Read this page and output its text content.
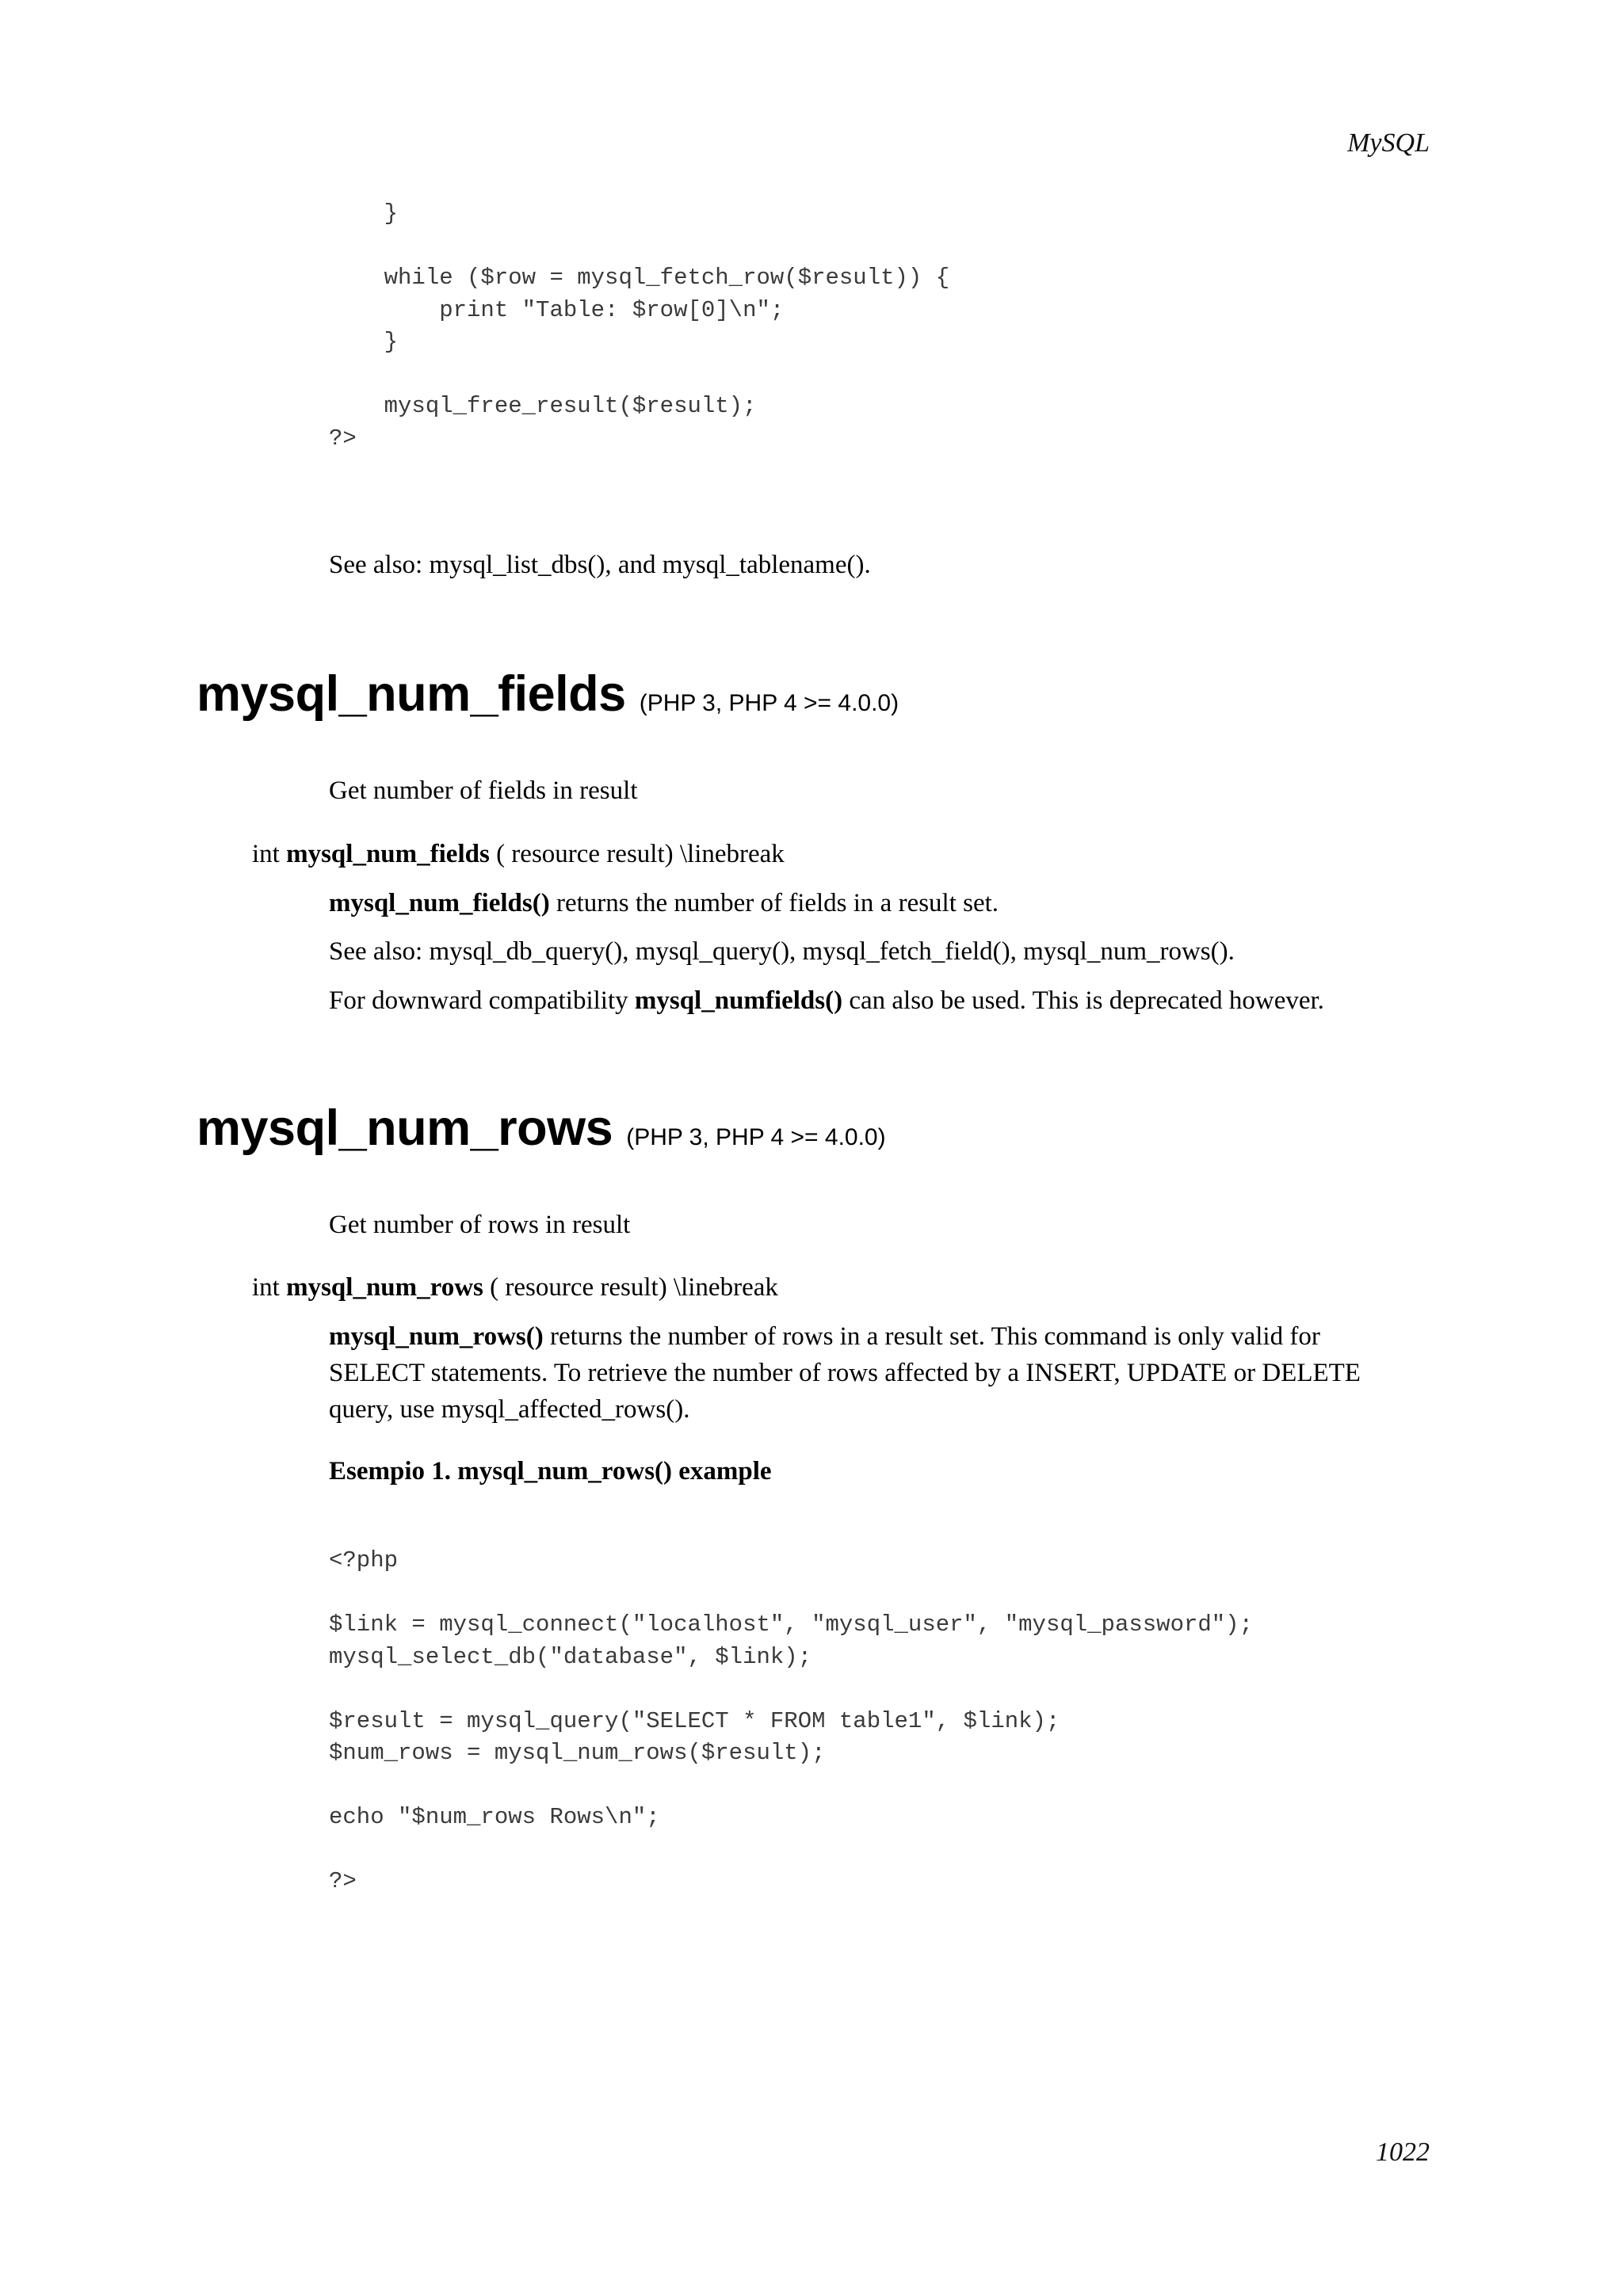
MySQL
}

while ($row = mysql_fetch_row($result)) {
print "Table: $row[0]\n";
}

mysql_free_result($result);
?>
See also: mysql_list_dbs(), and mysql_tablename().
mysql_num_fields (PHP 3, PHP 4 >= 4.0.0)
Get number of fields in result
int mysql_num_fields ( resource result) \linebreak
mysql_num_fields() returns the number of fields in a result set.
See also: mysql_db_query(), mysql_query(), mysql_fetch_field(), mysql_num_rows().
For downward compatibility mysql_numfields() can also be used. This is deprecated however.
mysql_num_rows (PHP 3, PHP 4 >= 4.0.0)
Get number of rows in result
int mysql_num_rows ( resource result) \linebreak
mysql_num_rows() returns the number of rows in a result set. This command is only valid for
SELECT statements. To retrieve the number of rows affected by a INSERT, UPDATE or DELETE
query, use mysql_affected_rows().
Esempio 1. mysql_num_rows() example
<?php

$link = mysql_connect("localhost", "mysql_user", "mysql_password");
mysql_select_db("database", $link);

$result = mysql_query("SELECT * FROM table1", $link);
$num_rows = mysql_num_rows($result);

echo "$num_rows Rows\n";

?>
1022
